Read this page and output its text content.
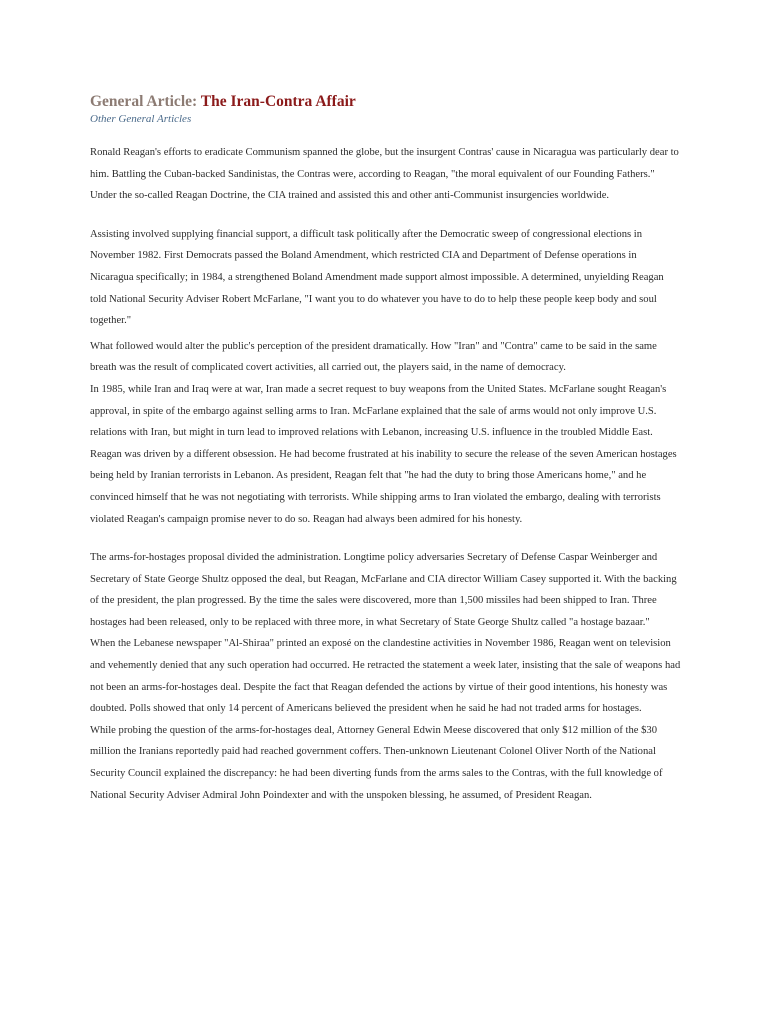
General Article: The Iran-Contra Affair

Other General Articles

Ronald Reagan's efforts to eradicate Communism spanned the globe, but the insurgent Contras' cause in Nicaragua was particularly dear to him. Battling the Cuban-backed Sandinistas, the Contras were, according to Reagan, "the moral equivalent of our Founding Fathers." Under the so-called Reagan Doctrine, the CIA trained and assisted this and other anti-Communist insurgencies worldwide.

Assisting involved supplying financial support, a difficult task politically after the Democratic sweep of congressional elections in November 1982. First Democrats passed the Boland Amendment, which restricted CIA and Department of Defense operations in Nicaragua specifically; in 1984, a strengthened Boland Amendment made support almost impossible. A determined, unyielding Reagan told National Security Adviser Robert McFarlane, "I want you to do whatever you have to do to help these people keep body and soul together."

What followed would alter the public's perception of the president dramatically. How "Iran" and "Contra" came to be said in the same breath was the result of complicated covert activities, all carried out, the players said, in the name of democracy.

In 1985, while Iran and Iraq were at war, Iran made a secret request to buy weapons from the United States. McFarlane sought Reagan's approval, in spite of the embargo against selling arms to Iran. McFarlane explained that the sale of arms would not only improve U.S. relations with Iran, but might in turn lead to improved relations with Lebanon, increasing U.S. influence in the troubled Middle East. Reagan was driven by a different obsession. He had become frustrated at his inability to secure the release of the seven American hostages being held by Iranian terrorists in Lebanon. As president, Reagan felt that "he had the duty to bring those Americans home," and he convinced himself that he was not negotiating with terrorists. While shipping arms to Iran violated the embargo, dealing with terrorists violated Reagan's campaign promise never to do so. Reagan had always been admired for his honesty.

The arms-for-hostages proposal divided the administration. Longtime policy adversaries Secretary of Defense Caspar Weinberger and Secretary of State George Shultz opposed the deal, but Reagan, McFarlane and CIA director William Casey supported it. With the backing of the president, the plan progressed. By the time the sales were discovered, more than 1,500 missiles had been shipped to Iran. Three hostages had been released, only to be replaced with three more, in what Secretary of State George Shultz called "a hostage bazaar."

When the Lebanese newspaper "Al-Shiraa" printed an exposé on the clandestine activities in November 1986, Reagan went on television and vehemently denied that any such operation had occurred. He retracted the statement a week later, insisting that the sale of weapons had not been an arms-for-hostages deal. Despite the fact that Reagan defended the actions by virtue of their good intentions, his honesty was doubted. Polls showed that only 14 percent of Americans believed the president when he said he had not traded arms for hostages.

While probing the question of the arms-for-hostages deal, Attorney General Edwin Meese discovered that only $12 million of the $30 million the Iranians reportedly paid had reached government coffers. Then-unknown Lieutenant Colonel Oliver North of the National Security Council explained the discrepancy: he had been diverting funds from the arms sales to the Contras, with the full knowledge of National Security Adviser Admiral John Poindexter and with the unspoken blessing, he assumed, of President Reagan.
